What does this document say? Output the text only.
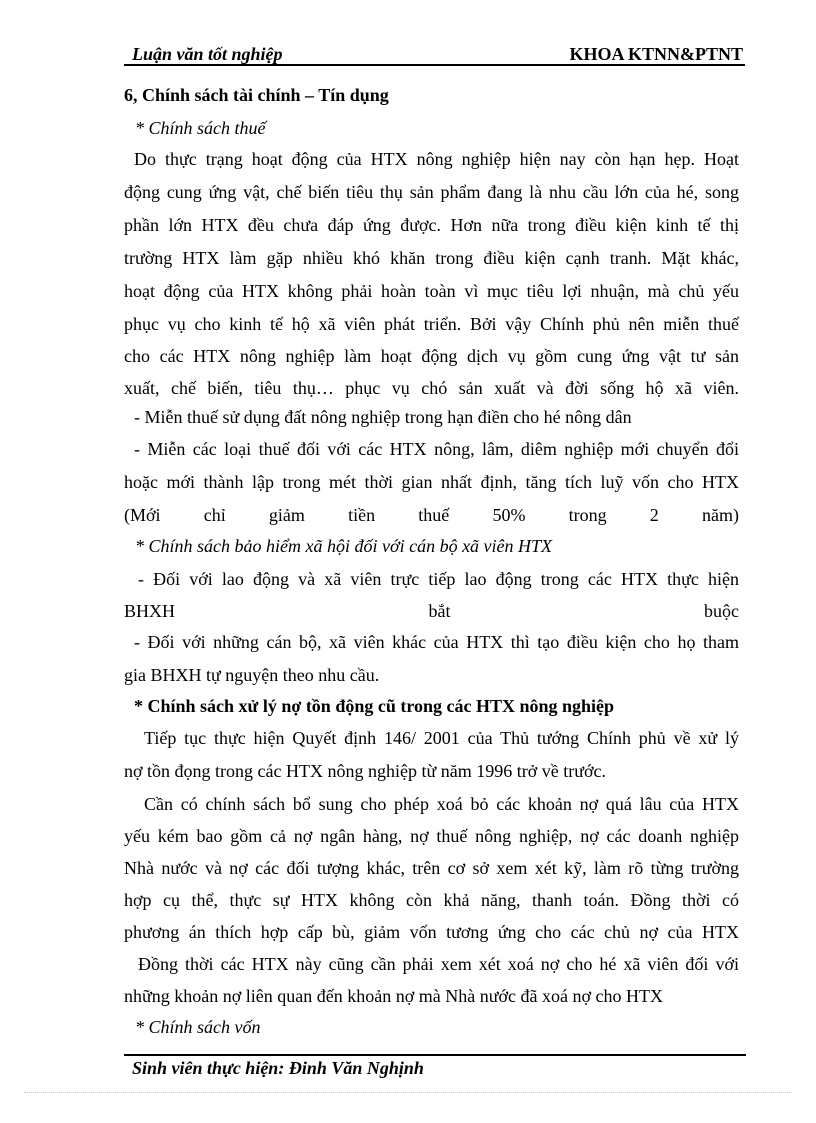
Luận văn tốt nghiệp	KHOA KTNN&PTNT
6, Chính sách tài chính – Tín dụng
* Chính sách thuế
Do thực trạng hoạt động của HTX nông nghiệp hiện nay còn hạn hẹp. Hoạt
động cung ứng vật, chế biến tiêu thụ sản phẩm đang là nhu cầu lớn của hé, song
phần lớn HTX đều chưa đáp ứng được. Hơn nữa trong điều kiện kinh tế thị
trường HTX làm gặp nhiều khó khăn trong điều kiện cạnh tranh. Mặt khác,
hoạt động của HTX không phải hoàn toàn vì mục tiêu lợi nhuận, mà chủ yếu
phục vụ cho kinh tế hộ xã viên phát triển. Bởi vậy Chính phủ nên miễn thuế
cho các HTX nông nghiệp làm hoạt động dịch vụ gồm cung ứng vật tư sản
xuất, chế biến, tiêu thụ… phục vụ chó sản xuất và đời sống hộ xã viên.
- Miễn thuế sử dụng đất nông nghiệp trong hạn điền cho hé nông dân
- Miễn các loại thuế đối với các HTX nông, lâm, diêm nghiệp mới chuyển đổi
hoặc mới thành lập trong mét thời gian nhất định, tăng tích luỹ vốn cho HTX
(Mới chỉ giảm tiền thuế 50% trong 2 năm)
* Chính sách bảo hiểm xã hội đối với cán bộ xã viên HTX
- Đối với lao động và xã viên trực tiếp lao động trong các HTX thực hiện
BHXH bắt buộc
- Đối với những cán bộ, xã viên khác của HTX thì tạo điều kiện cho họ tham
gia BHXH tự nguyện theo nhu cầu.
* Chính sách xử lý nợ tồn động cũ trong các HTX nông nghiệp
Tiếp tục thực hiện Quyết định 146/ 2001 của Thủ tướng Chính phủ về xử lý
nợ tồn đọng trong các HTX nông nghiệp từ năm 1996 trở về trước.
Cần có chính sách bổ sung cho phép xoá bỏ các khoản nợ quá lâu của HTX
yếu kém bao gồm cả nợ ngân hàng, nợ thuế nông nghiệp, nợ các doanh nghiệp
Nhà nước và nợ các đối tượng khác, trên cơ sở xem xét kỹ, làm rõ từng trường
hợp cụ thể, thực sự HTX không còn khả năng, thanh toán. Đồng thời có
phương án thích hợp cấp bù, giảm vốn tương ứng cho các chủ nợ của HTX
Đồng thời các HTX này cũng cần phải xem xét xoá nợ cho hé xã viên đối với
những khoản nợ liên quan đến khoản nợ mà Nhà nước đã xoá nợ cho HTX
* Chính sách vốn
Sinh viên thực hiện: Đinh Văn Nghịnh
